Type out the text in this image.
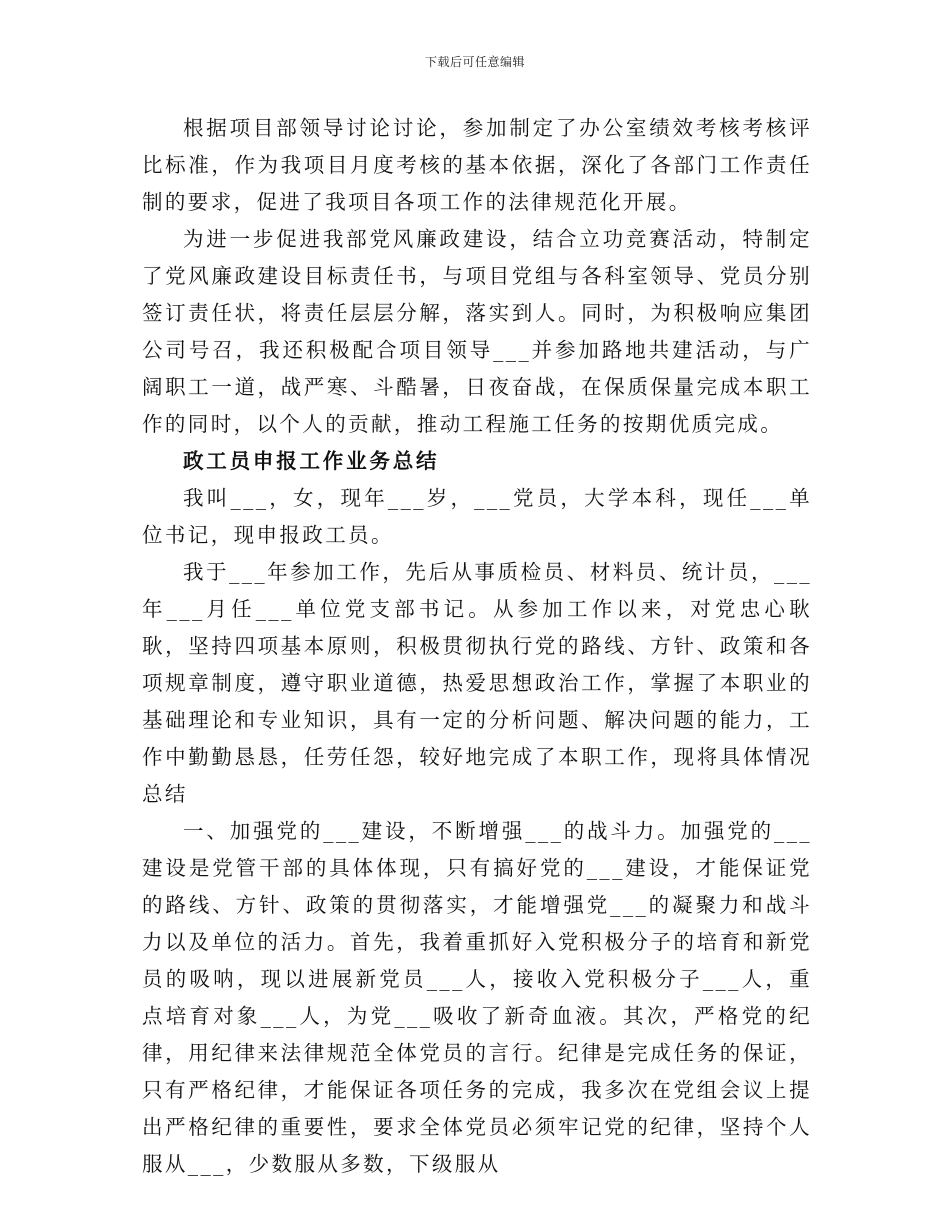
下载后可任意编辑

根据项目部领导讨论讨论，参加制定了办公室绩效考核考核评比标准，作为我项目月度考核的基本依据，深化了各部门工作责任制的要求，促进了我项目各项工作的法律规范化开展。

为进一步促进我部党风廉政建设，结合立功竞赛活动，特制定了党风廉政建设目标责任书，与项目党组与各科室领导、党员分别签订责任状，将责任层层分解，落实到人。同时，为积极响应集团公司号召，我还积极配合项目领导___并参加路地共建活动，与广阔职工一道，战严寒、斗酷暑，日夜奋战，在保质保量完成本职工作的同时，以个人的贡献，推动工程施工任务的按期优质完成。

政工员申报工作业务总结

我叫___，女，现年___岁，___党员，大学本科，现任___单位书记，现申报政工员。

我于___年参加工作，先后从事质检员、材料员、统计员，___年___月任___单位党支部书记。从参加工作以来，对党忠心耿耿，坚持四项基本原则，积极贯彻执行党的路线、方针、政策和各项规章制度，遵守职业道德，热爱思想政治工作，掌握了本职业的基础理论和专业知识，具有一定的分析问题、解决问题的能力，工作中勤勤恳恳，任劳任怨，较好地完成了本职工作，现将具体情况总结

一、加强党的___建设，不断增强___的战斗力。加强党的___建设是党管干部的具体体现，只有搞好党的___建设，才能保证党的路线、方针、政策的贯彻落实，才能增强党___的凝聚力和战斗力以及单位的活力。首先，我着重抓好入党积极分子的培育和新党员的吸呐，现以进展新党员___人，接收入党积极分子___人，重点培育对象___人，为党___吸收了新奇血液。其次，严格党的纪律，用纪律来法律规范全体党员的言行。纪律是完成任务的保证，只有严格纪律，才能保证各项任务的完成，我多次在党组会议上提出严格纪律的重要性，要求全体党员必须牢记党的纪律，坚持个人服从___，少数服从多数，下级服从
